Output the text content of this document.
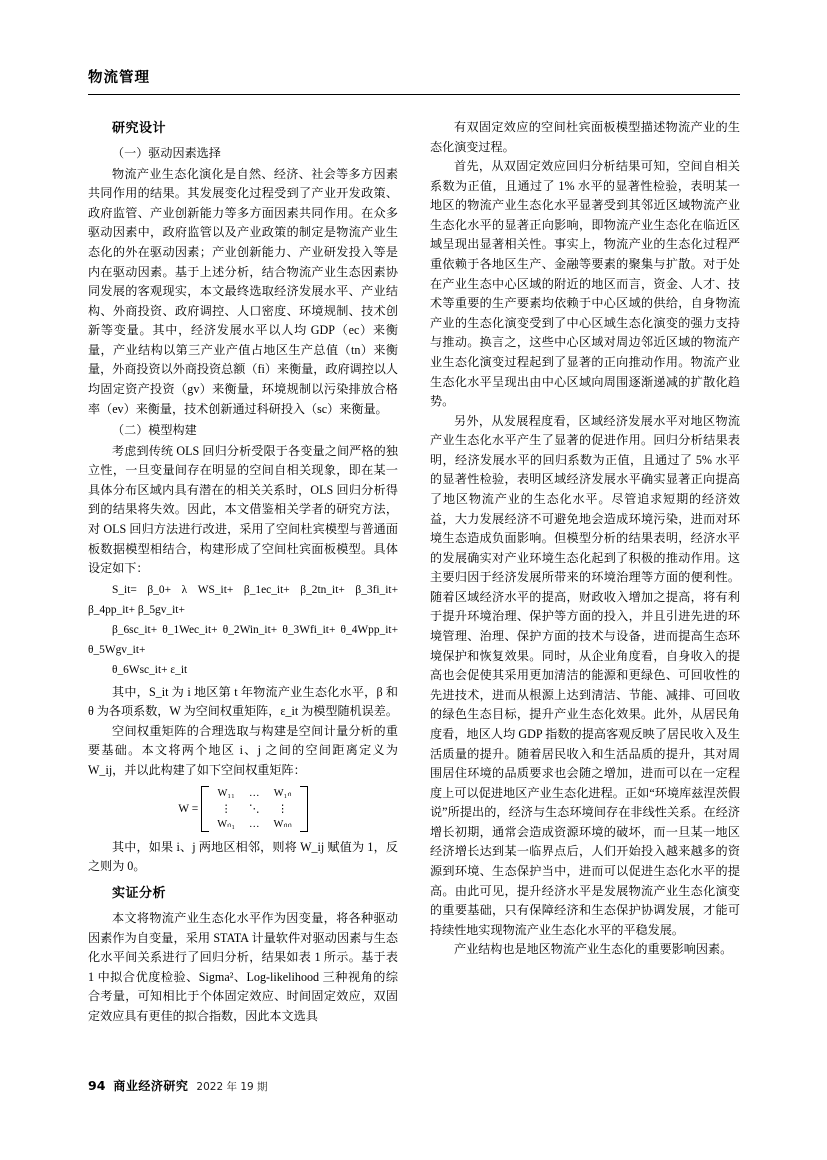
物流管理
研究设计
（一）驱动因素选择

物流产业生态化演化是自然、经济、社会等多方因素共同作用的结果。其发展变化过程受到了产业开发政策、政府监管、产业创新能力等多方面因素共同作用。在众多驱动因素中，政府监管以及产业政策的制定是物流产业生态化的外在驱动因素；产业创新能力、产业研发投入等是内在驱动因素。基于上述分析，结合物流产业生态因素协同发展的客观现实，本文最终选取经济发展水平、产业结构、外商投资、政府调控、人口密度、环境规制、技术创新等变量。其中，经济发展水平以人均 GDP（ec）来衡量，产业结构以第三产业产值占地区生产总值（tn）来衡量，外商投资以外商投资总额（fi）来衡量，政府调控以人均固定资产投资（gv）来衡量，环境规制以污染排放合格率（ev）来衡量，技术创新通过科研投入（sc）来衡量。

（二）模型构建

考虑到传统 OLS 回归分析受限于各变量之间严格的独立性，一旦变量间存在明显的空间自相关现象，即在某一具体分布区域内具有潜在的相关关系时，OLS 回归分析得到的结果将失效。因此，本文借鉴相关学者的研究方法，对 OLS 回归方法进行改进，采用了空间杜宾模型与普通面板数据模型相结合，构建形成了空间杜宾面板模型。具体设定如下：

S_it= β_0+ λ WS_it+ β_1ec_it+ β_2tn_it+ β_3fi_it+ β_4pp_it+ β_5gv_it+
β_6sc_it+ θ_1Wec_it+ θ_2Win_it+ θ_3Wfi_it+ θ_4Wpp_it+ θ_5Wgv_it+
θ_6Wsc_it+ ε_it

其中，S_it 为 i 地区第 t 年物流产业生态化水平，β 和 θ 为各项系数，W 为空间权重矩阵，ε_it 为模型随机误差。

空间权重矩阵的合理选取与构建是空间计量分析的重要基础。本文将两个地区 i、j 之间的空间距离定义为 W_ij，并以此构建了如下空间权重矩阵：

W =
W₁₁	…	W₁ₙ
⋮	⋱	⋮
Wₙ₁	…	Wₙₙ

其中，如果 i、j 两地区相邻，则将 W_ij 赋值为 1，反之则为 0。

实证分析

本文将物流产业生态化水平作为因变量，将各种驱动因素作为自变量，采用 STATA 计量软件对驱动因素与生态化水平间关系进行了回归分析，结果如表 1 所示。基于表 1 中拟合优度检验、Sigma²、Log-likelihood 三种视角的综合考量，可知相比于个体固定效应、时间固定效应，双固定效应具有更佳的拟合指数，因此本文选具

有双固定效应的空间杜宾面板模型描述物流产业的生态化演变过程。

首先，从双固定效应回归分析结果可知，空间自相关系数为正值，且通过了 1% 水平的显著性检验，表明某一地区的物流产业生态化水平显著受到其邻近区域物流产业生态化水平的显著正向影响，即物流产业生态化在临近区域呈现出显著相关性。事实上，物流产业的生态化过程严重依赖于各地区生产、金融等要素的聚集与扩散。对于处在产业生态中心区域的附近的地区而言，资金、人才、技术等重要的生产要素均依赖于中心区域的供给，自身物流产业的生态化演变受到了中心区域生态化演变的强力支持与推动。换言之，这些中心区域对周边邻近区域的物流产业生态化演变过程起到了显著的正向推动作用。物流产业生态化水平呈现出由中心区域向周围逐渐递减的扩散化趋势。

另外，从发展程度看，区域经济发展水平对地区物流产业生态化水平产生了显著的促进作用。回归分析结果表明，经济发展水平的回归系数为正值，且通过了 5% 水平的显著性检验，表明区域经济发展水平确实显著正向提高了地区物流产业的生态化水平。尽管追求短期的经济效益，大力发展经济不可避免地会造成环境污染，进而对环境生态造成负面影响。但模型分析的结果表明，经济水平的发展确实对产业环境生态化起到了积极的推动作用。这主要归因于经济发展所带来的环境治理等方面的便利性。随着区域经济水平的提高，财政收入增加之提高，将有利于提升环境治理、保护等方面的投入，并且引进先进的环境管理、治理、保护方面的技术与设备，进而提高生态环境保护和恢复效果。同时，从企业角度看，自身收入的提高也会促使其采用更加清洁的能源和更绿色、可回收性的先进技术，进而从根源上达到清洁、节能、减排、可回收的绿色生态目标，提升产业生态化效果。此外，从居民角度看，地区人均 GDP 指数的提高客观反映了居民收入及生活质量的提升。随着居民收入和生活品质的提升，其对周围居住环境的品质要求也会随之增加，进而可以在一定程度上可以促进地区产业生态化进程。正如“环境库兹涅茨假说”所提出的，经济与生态环境间存在非线性关系。在经济增长初期，通常会造成资源环境的破坏，而一旦某一地区经济增长达到某一临界点后，人们开始投入越来越多的资源到环境、生态保护当中，进而可以促进生态化水平的提高。由此可见，提升经济水平是发展物流产业生态化演变的重要基础，只有保障经济和生态保护协调发展，才能可持续性地实现物流产业生态化水平的平稳发展。

产业结构也是地区物流产业生态化的重要影响因素。

94 商业经济研究 2022 年 19 期
